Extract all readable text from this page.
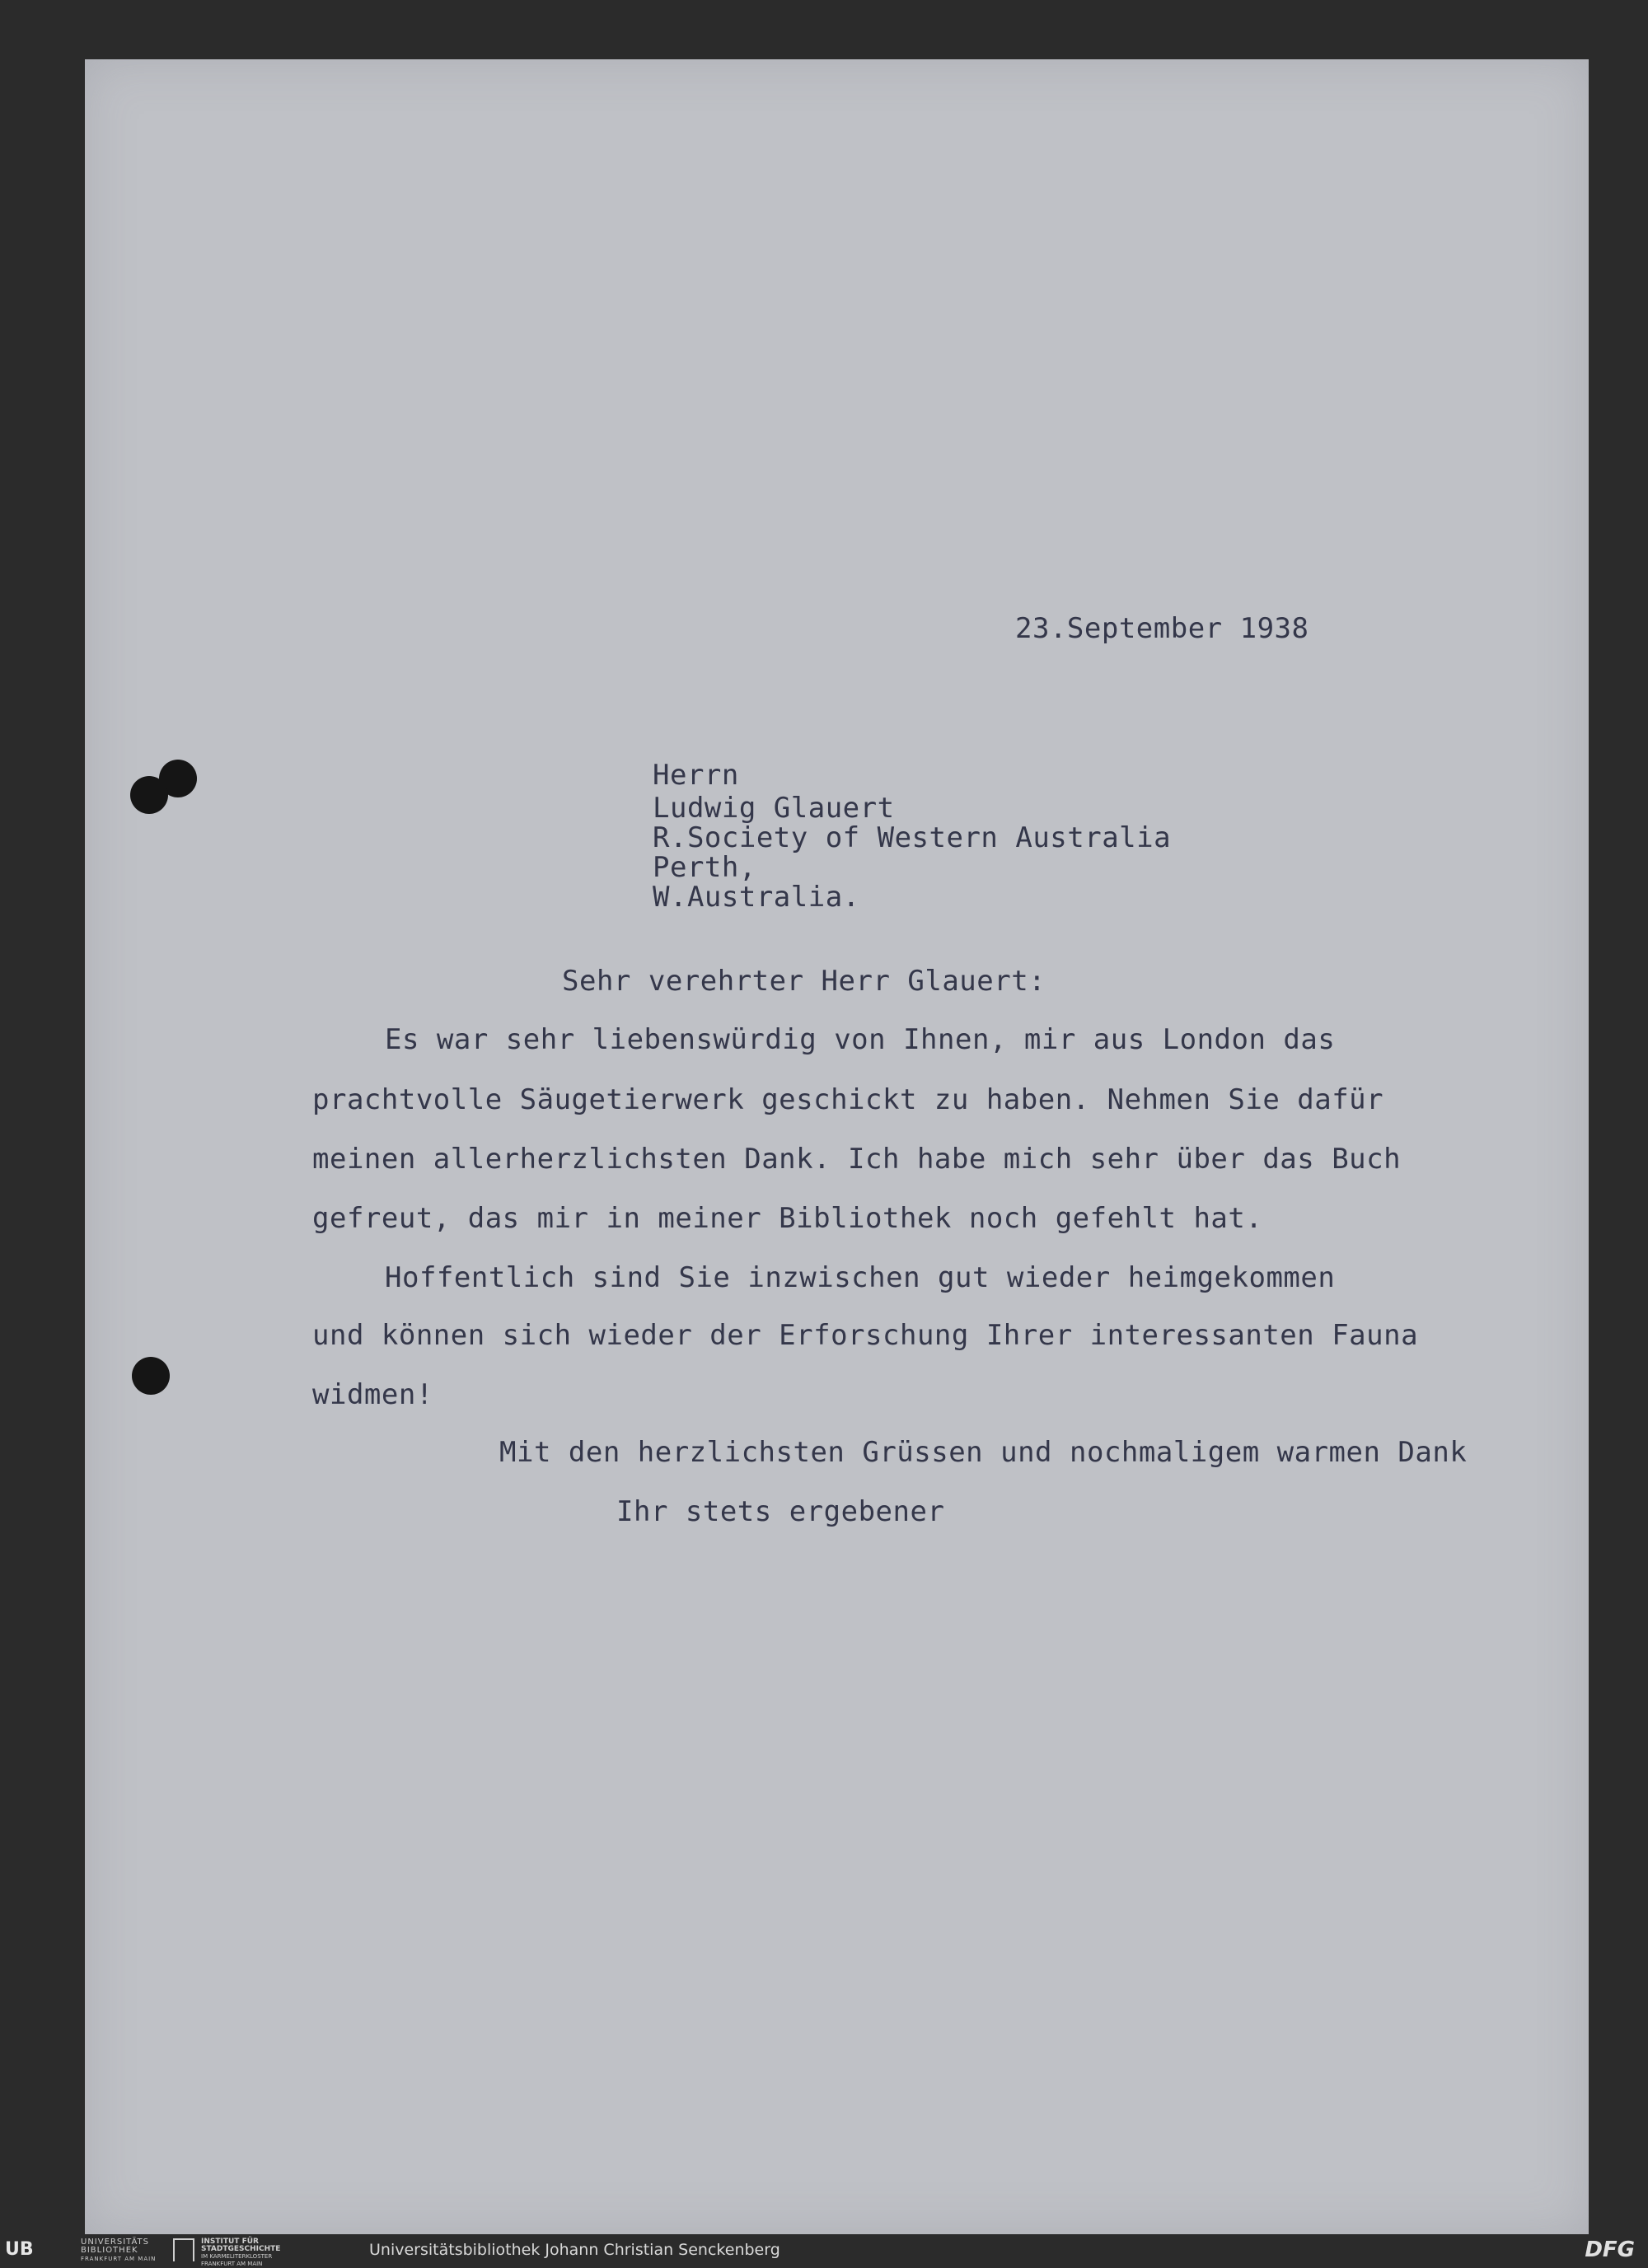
23.September 1938
Herrn
Ludwig Glauert
R.Society of Western Australia
Perth,
W.Australia.
Sehr verehrter Herr Glauert:
Es war sehr liebenswürdig von Ihnen, mir aus London das
prachtvolle Säugetierwerk geschickt zu haben. Nehmen Sie dafür
meinen allerherzlichsten Dank. Ich habe mich sehr über das Buch
gefreut, das mir in meiner Bibliothek noch gefehlt hat.
Hoffentlich sind Sie inzwischen gut wieder heimgekommen
und können sich wieder der Erforschung Ihrer interessanten Fauna
widmen!
Mit den herzlichsten Grüssen und nochmaligem warmen Dank
Ihr stets ergebener
UB	UNIVERSITÄTS
BIBLIOTHEK
FRANKFURT AM MAIN
INSTITUT FÜR
STADTGESCHICHTE
IM KARMELITERKLOSTER
FRANKFURT AM MAIN
Universitätsbibliothek Johann Christian Senckenberg	DFG
